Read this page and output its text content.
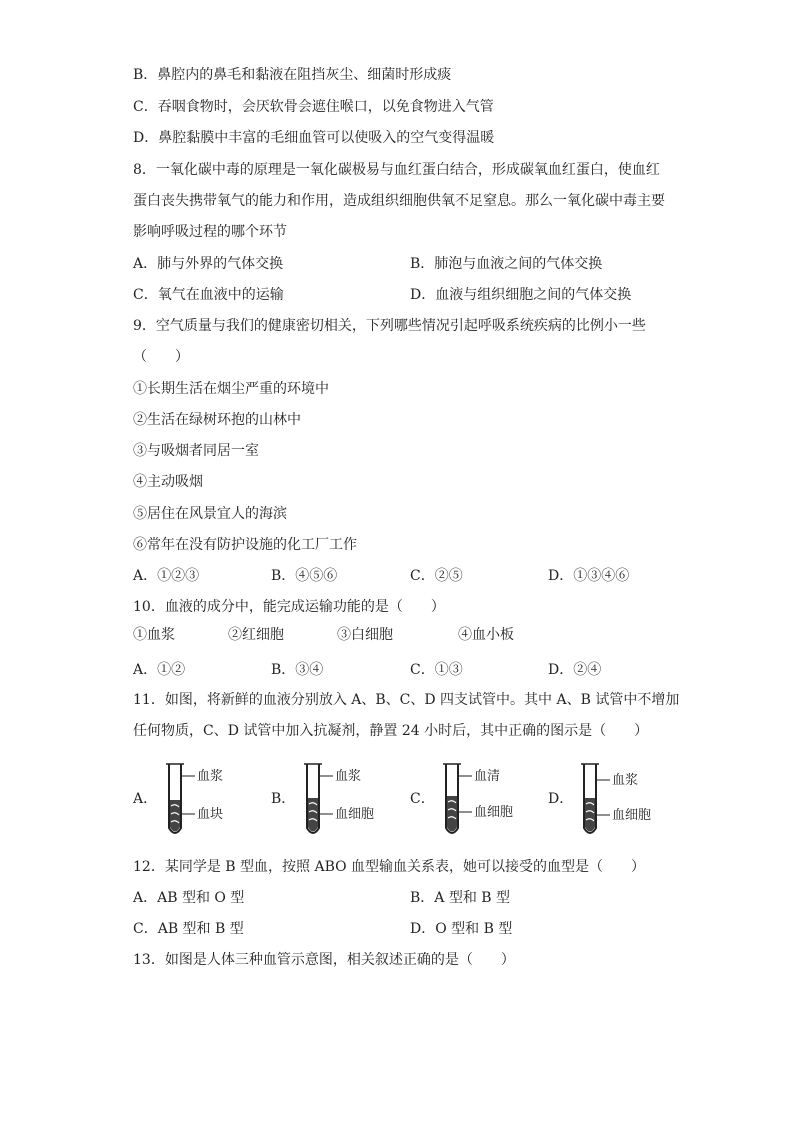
B．鼻腔内的鼻毛和黏液在阻挡灰尘、细菌时形成痰
C．吞咽食物时，会厌软骨会遮住喉口，以免食物进入气管
D．鼻腔黏膜中丰富的毛细血管可以使吸入的空气变得温暖
8．一氧化碳中毒的原理是一氧化碳极易与血红蛋白结合，形成碳氧血红蛋白，使血红
蛋白丧失携带氧气的能力和作用，造成组织细胞供氧不足窒息。那么一氧化碳中毒主要
影响呼吸过程的哪个环节
A．肺与外界的气体交换	B．肺泡与血液之间的气体交换
C．氧气在血液中的运输	D．血液与组织细胞之间的气体交换
9．空气质量与我们的健康密切相关，下列哪些情况引起呼吸系统疾病的比例小一些
（　　）
①长期生活在烟尘严重的环境中
②生活在绿树环抱的山林中
③与吸烟者同居一室
④主动吸烟
⑤居住在风景宜人的海滨
⑥常年在没有防护设施的化工厂工作
A．①②③	B．④⑤⑥	C．②⑤	D．①③④⑥
10．血液的成分中，能完成运输功能的是（　　）
①血浆	②红细胞	③白细胞	④血小板
A．①②	B．③④	C．①③	D．②④
11．如图，将新鲜的血液分别放入 A、B、C、D 四支试管中。其中 A、B 试管中不增加
任何物质，C、D 试管中加入抗凝剂，静置 24 小时后，其中正确的图示是（　　）
A．
血浆
血块
B．
血浆
血细胞
C．
血清
血细胞
D．
血浆
血细胞
12．某同学是 B 型血，按照 ABO 血型输血关系表，她可以接受的血型是（　　）
A．AB 型和 O 型	B．A 型和 B 型
C．AB 型和 B 型	D．O 型和 B 型
13．如图是人体三种血管示意图，相关叙述正确的是（　　）
